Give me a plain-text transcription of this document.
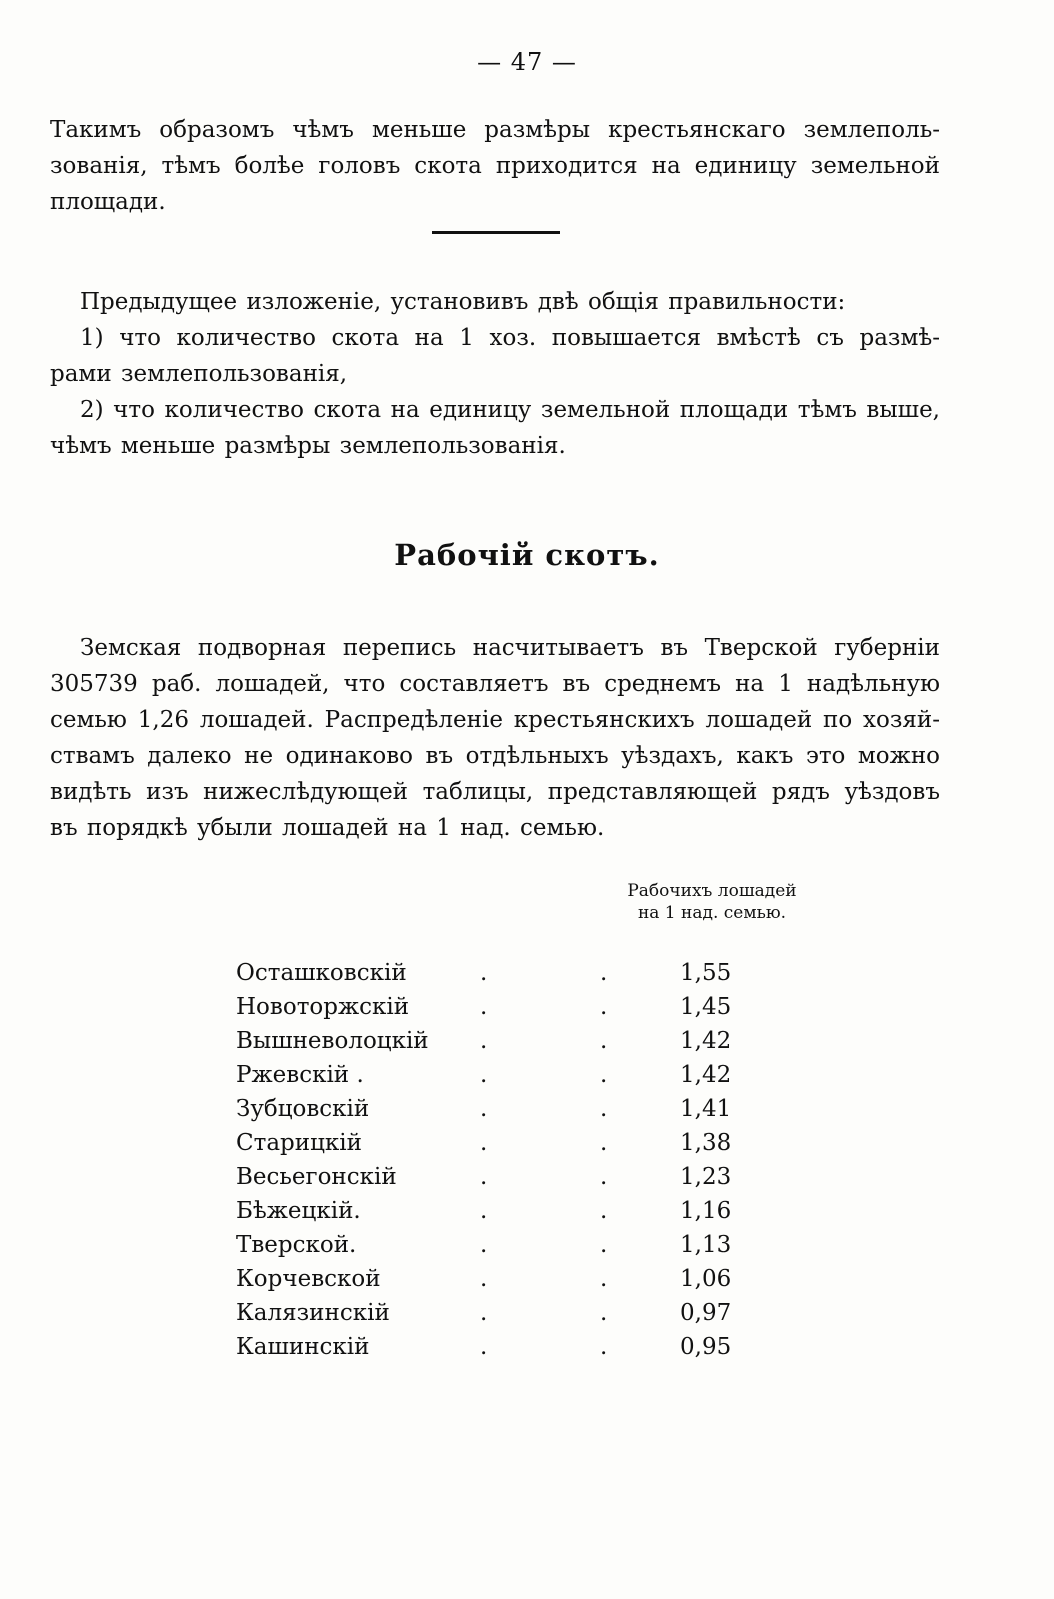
— 47 —
Такимъ образомъ чѣмъ меньше размѣры крестьянскаго землеполь-
зованія, тѣмъ болѣе головъ скота приходится на единицу земельной
площади.
Предыдущее изложеніе, установивъ двѣ общія правильности:
1) что количество скота на 1 хоз. повышается вмѣстѣ съ размѣ-
рами землепользованія,
2) что количество скота на единицу земельной площади тѣмъ выше,
чѣмъ меньше размѣры землепользованія.
Рабочій скотъ.
Земская подворная перепись насчитываетъ въ Тверской губерніи
305739 раб. лошадей, что составляетъ въ среднемъ на 1 надѣльную
семью 1,26 лошадей. Распредѣленіе крестьянскихъ лошадей по хозяй-
ствамъ далеко не одинаково въ отдѣльныхъ уѣздахъ, какъ это можно
видѣть изъ нижеслѣдующей таблицы, представляющей рядъ уѣздовъ
въ порядкѣ убыли лошадей на 1 над. семью.
Рабочихъ лошадей
на 1 над. семью.
Осташковскій	.	.	1,55
Новоторжскій	.	.	1,45
Вышневолоцкій .	.	1,42
Ржевскій .	.	.	1,42
Зубцовскій	.	.	1,41
Старицкій	.	.	1,38
Весьегонскій	.	.	1,23
Бѣжецкій.	.	.	1,16
Тверской.	.	.	1,13
Корчевской	.	.	1,06
Калязинскій	.	.	0,97
Кашинскій	.	.	0,95
